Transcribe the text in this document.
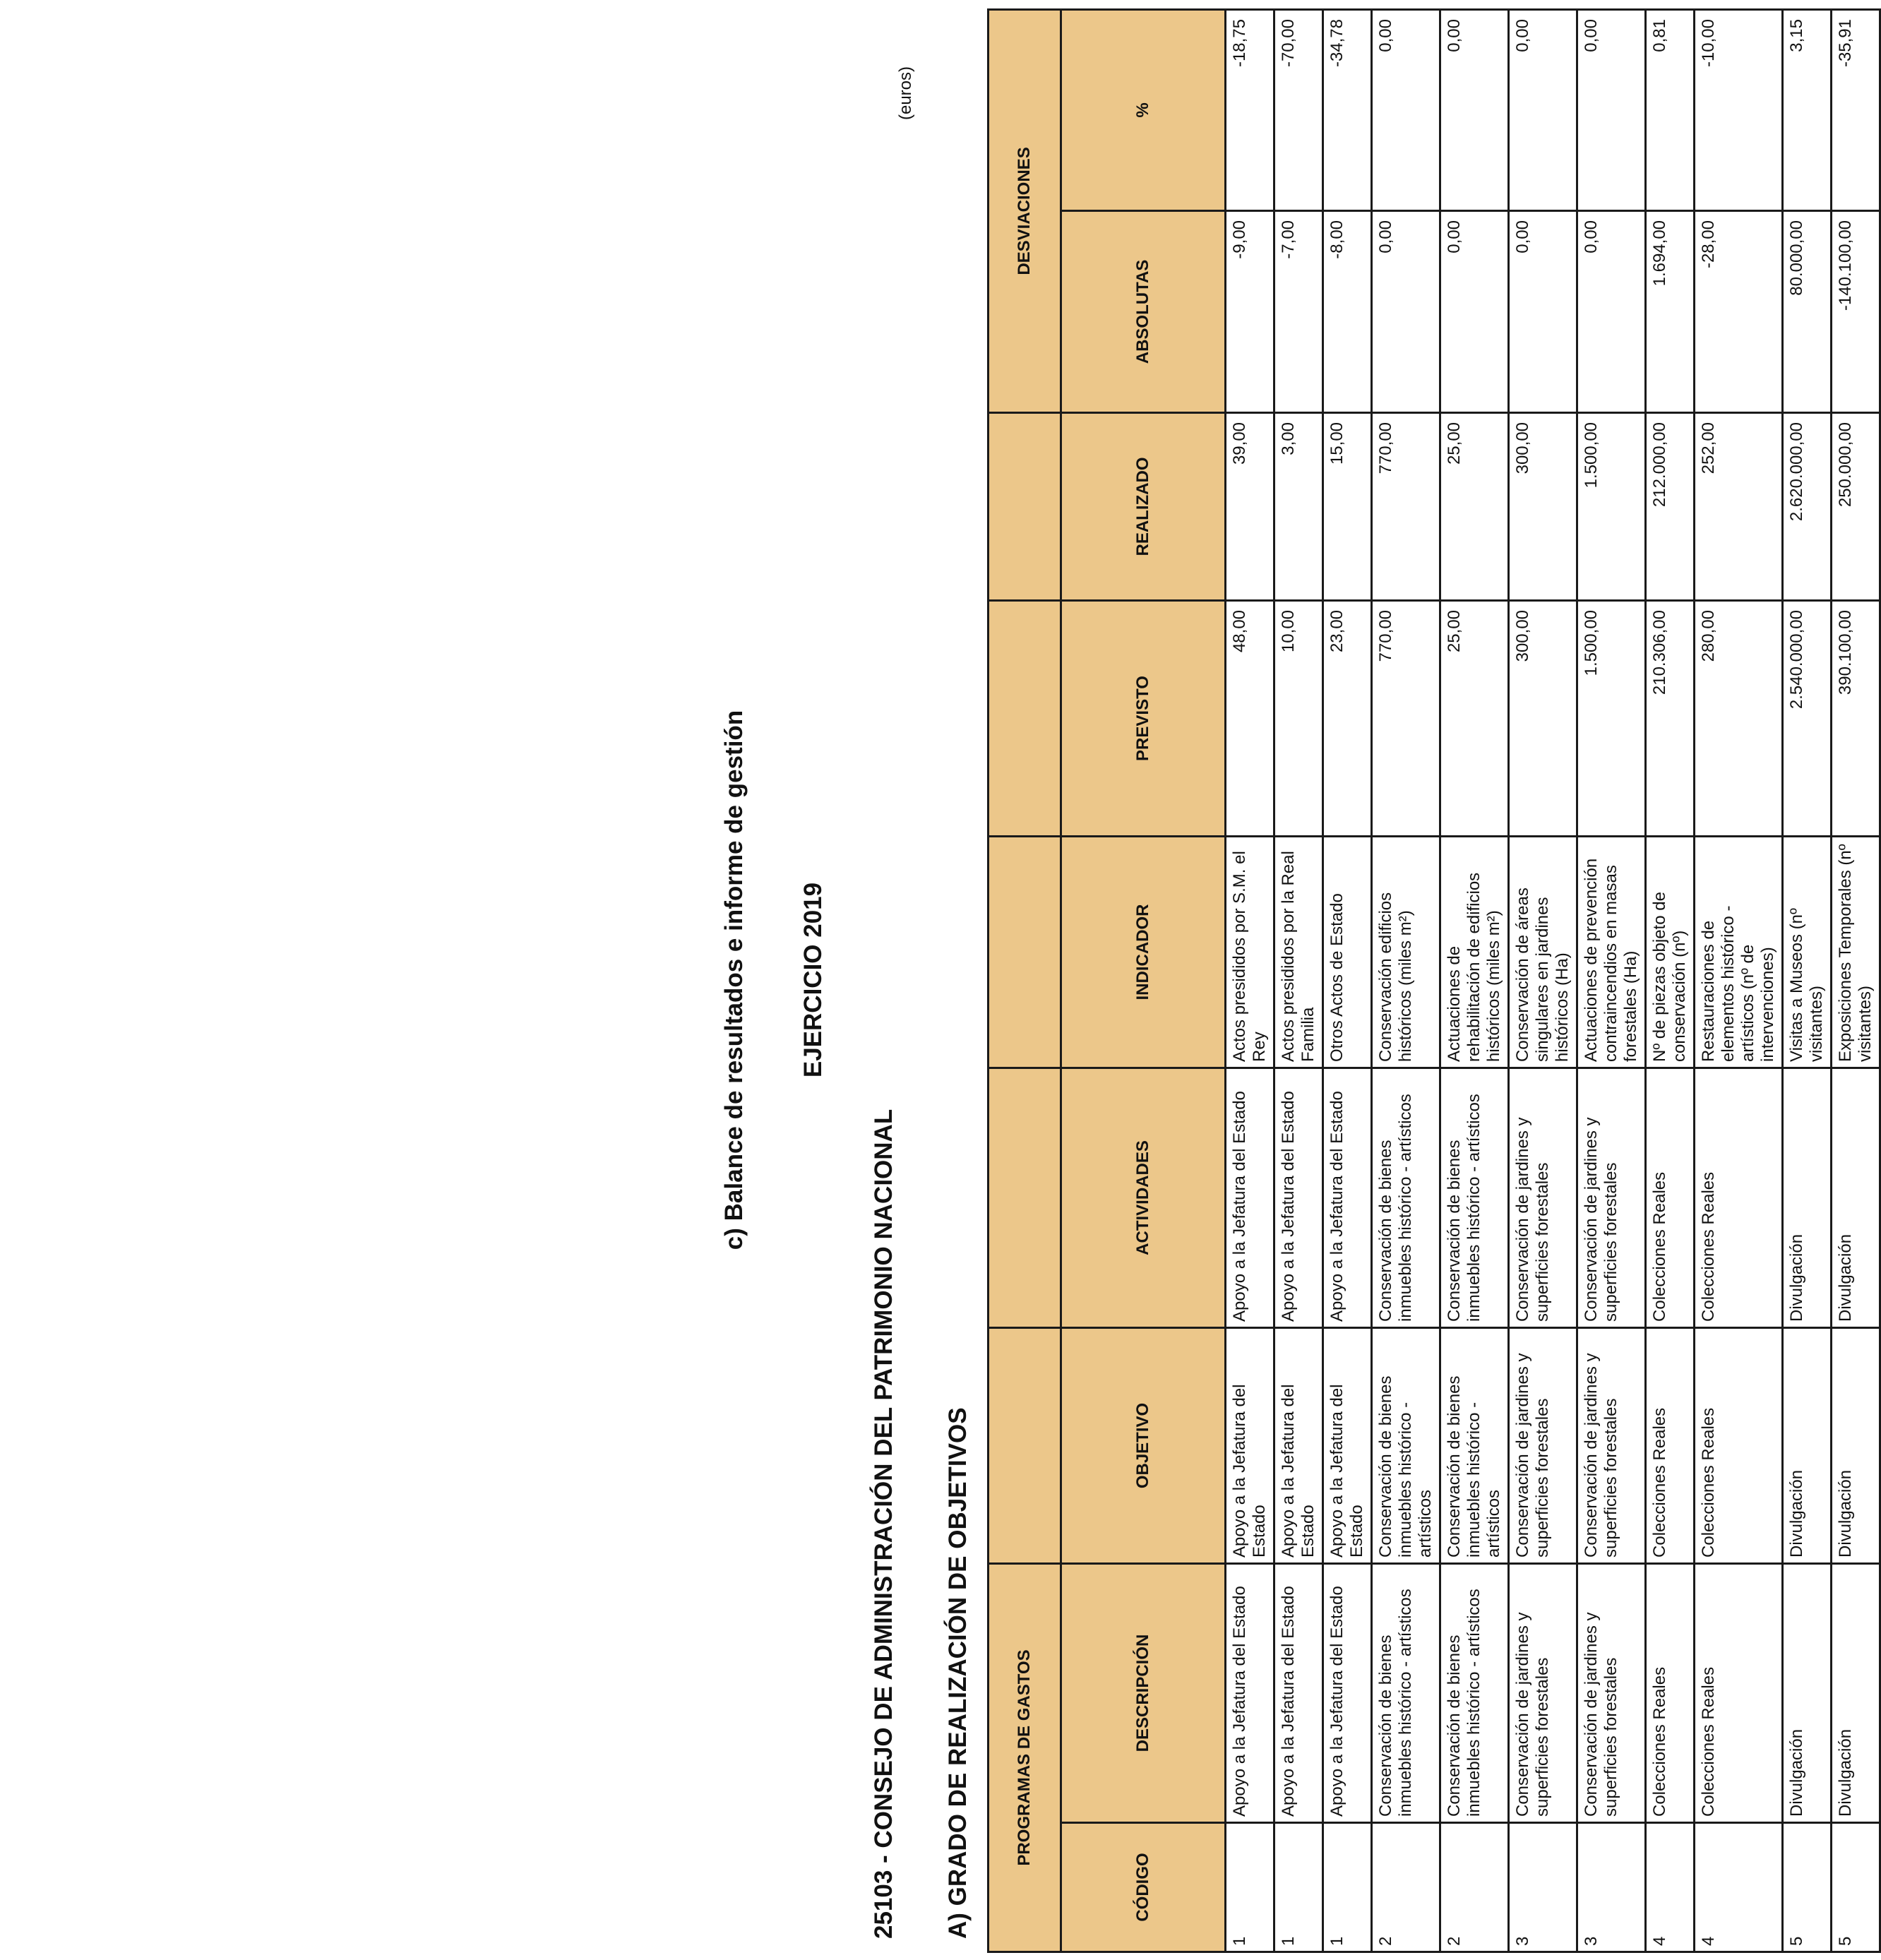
c) Balance de resultados e informe de gestión EJERCICIO 2019
25103 - CONSEJO DE ADMINISTRACIÓN DEL PATRIMONIO NACIONAL
(euros)
A) GRADO DE REALIZACIÓN DE OBJETIVOS	PROGRAMAS DE GASTOS							DESVIACIONES	
CÓDIGO	DESCRIPCIÓN	OBJETIVO	ACTIVIDADES	INDICADOR	PREVISTO	REALIZADO	ABSOLUTAS	%
1	Apoyo a la Jefatura del Estado	Apoyo a la Jefatura del Estado	Apoyo a la Jefatura del Estado	Actos presididos por S.M. el Rey	48,00	39,00	-9,00	-18,75
1	Apoyo a la Jefatura del Estado	Apoyo a la Jefatura del Estado	Apoyo a la Jefatura del Estado	Actos presididos por la Real Familia	10,00	3,00	-7,00	-70,00
1	Apoyo a la Jefatura del Estado	Apoyo a la Jefatura del Estado	Apoyo a la Jefatura del Estado	Otros Actos de Estado	23,00	15,00	-8,00	-34,78
2	Conservación de bienes inmuebles histórico - artísticos	Conservación de bienes inmuebles histórico - artísticos	Conservación de bienes inmuebles histórico - artísticos	Conservación edificios históricos (miles m²)	770,00	770,00	0,00	0,00
2	Conservación de bienes inmuebles histórico - artísticos	Conservación de bienes inmuebles histórico - artísticos	Conservación de bienes inmuebles histórico - artísticos	Actuaciones de rehabilitación de edificios históricos (miles m²)	25,00	25,00	0,00	0,00
3	Conservación de jardines y superficies forestales	Conservación de jardines y superficies forestales	Conservación de jardines y superficies forestales	Conservación de áreas singulares en jardines históricos (Ha)	300,00	300,00	0,00	0,00
3	Conservación de jardines y superficies forestales	Conservación de jardines y superficies forestales	Conservación de jardines y superficies forestales	Actuaciones de prevención contraincendios en masas forestales (Ha)	1.500,00	1.500,00	0,00	0,00
4	Colecciones Reales	Colecciones Reales	Colecciones Reales	Nº de piezas objeto de conservación (nº)	210.306,00	212.000,00	1.694,00	0,81
4	Colecciones Reales	Colecciones Reales	Colecciones Reales	Restauraciones de elementos histórico - artísticos (nº de intervenciones)	280,00	252,00	-28,00	-10,00
5	Divulgación	Divulgación	Divulgación	Visitas a Museos (nº visitantes)	2.540.000,00	2.620.000,00	80.000,00	3,15
5	Divulgación	Divulgación	Divulgación	Exposiciones Temporales (nº visitantes)	390.100,00	250.000,00	-140.100,00	-35,91
